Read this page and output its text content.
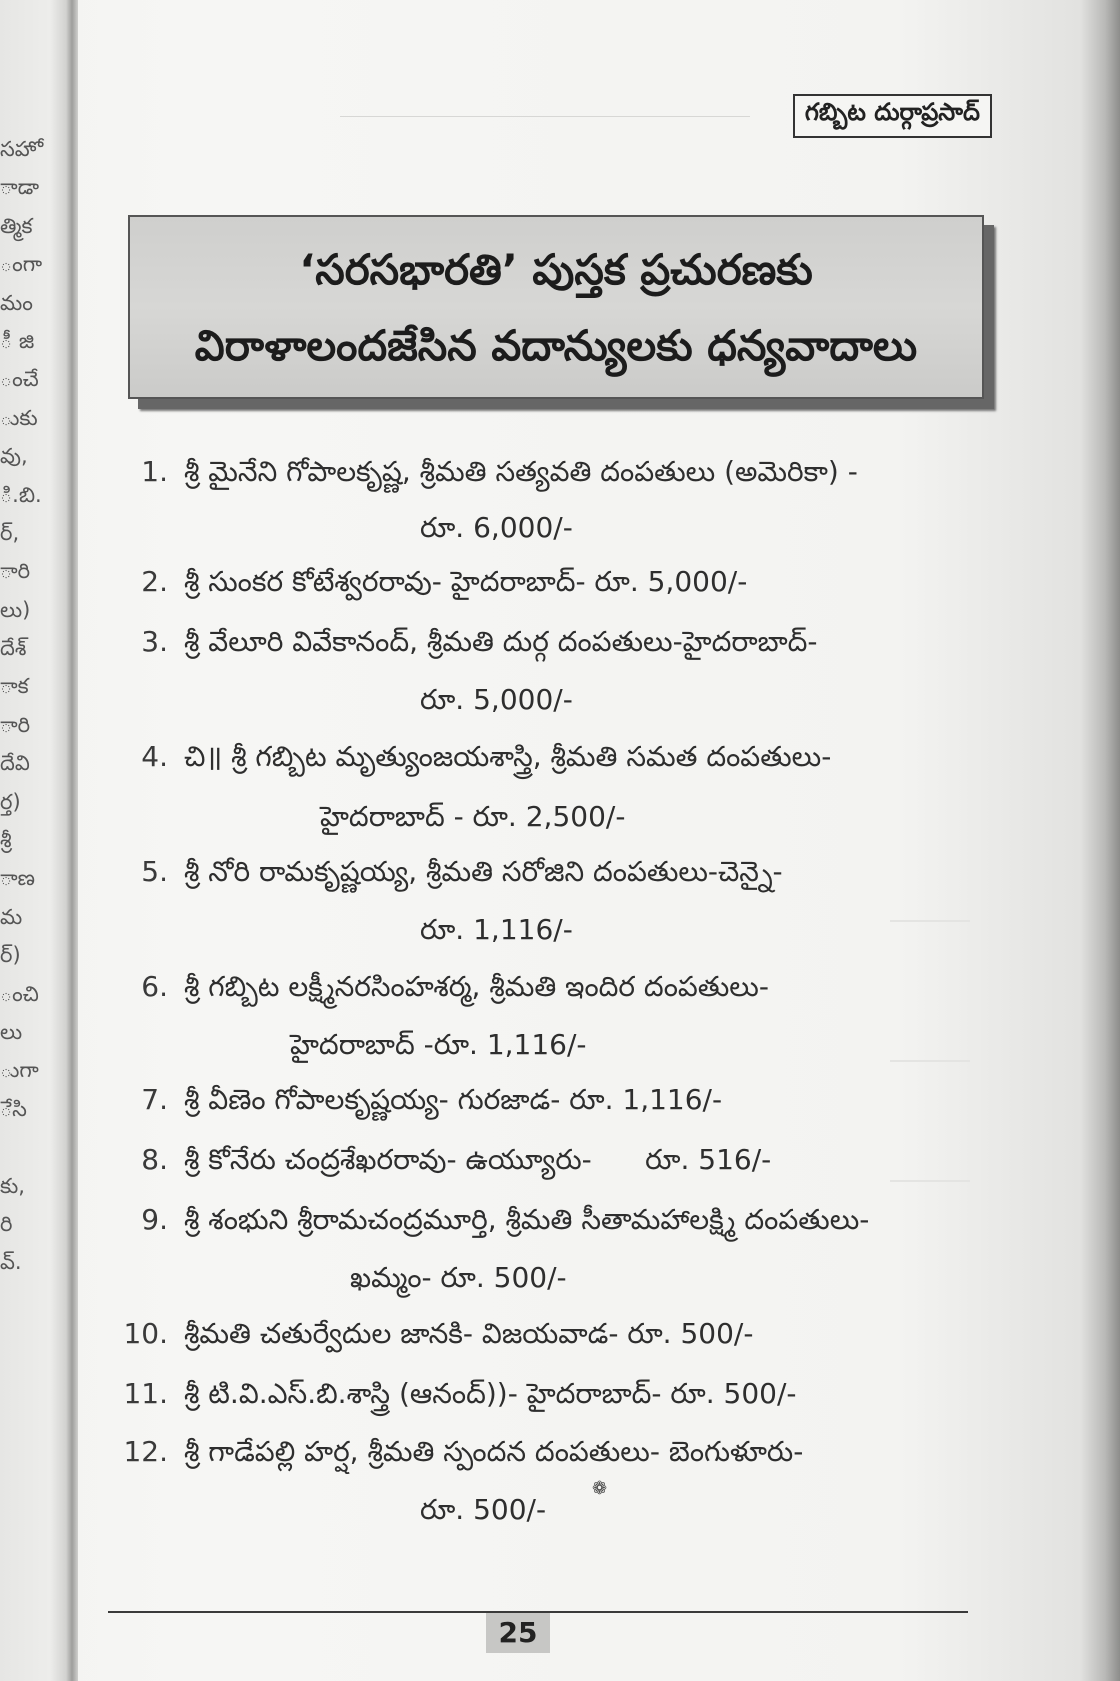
సహో
ాడా
త్మిక
ంగా
మం
ీ జి
ంచే
ుకు
వు,
ి.బి.
ర్,
ారి
లు)
దేశ్
ాక
ారి
దేవి
ర్త)
శ్రీ
ాణ
మ
ర్)
ంచి
లు
ుగా
ేసి
కు,
రి
వ్.
గబ్బిట దుర్గాప్రసాద్
‘సరసభారతి’ పుస్తక ప్రచురణకు
విరాళాలందజేసిన వదాన్యులకు ధన్యవాదాలు
1. శ్రీ మైనేని గోపాలకృష్ణ, శ్రీమతి సత్యవతి దంపతులు (అమెరికా) -
రూ. 6,000/-
2. శ్రీ సుంకర కోటేశ్వరరావు- హైదరాబాద్- రూ. 5,000/-
3. శ్రీ వేలూరి వివేకానంద్, శ్రీమతి దుర్గ దంపతులు-హైదరాబాద్-
రూ. 5,000/-
4. చి॥ శ్రీ గబ్బిట మృత్యుంజయశాస్త్రి, శ్రీమతి సమత దంపతులు-
హైదరాబాద్ - రూ. 2,500/-
5. శ్రీ నోరి రామకృష్ణయ్య, శ్రీమతి సరోజిని దంపతులు-చెన్నై-
రూ. 1,116/-
6. శ్రీ గబ్బిట లక్ష్మీనరసింహశర్మ, శ్రీమతి ఇందిర దంపతులు-
హైదరాబాద్ -రూ. 1,116/-
7. శ్రీ వీణెం గోపాలకృష్ణయ్య- గురజాడ- రూ. 1,116/-
8. శ్రీ కోనేరు చంద్రశేఖరరావు- ఉయ్యూరు-      రూ. 516/-
9. శ్రీ శంభుని శ్రీరామచంద్రమూర్తి, శ్రీమతి సీతామహాలక్ష్మి దంపతులు-
ఖమ్మం- రూ. 500/-
10. శ్రీమతి చతుర్వేదుల జానకి- విజయవాడ- రూ. 500/-
11. శ్రీ టి.వి.ఎస్.బి.శాస్త్రి (ఆనంద్))- హైదరాబాద్- రూ. 500/-
12. శ్రీ గాడేపల్లి హర్ష, శ్రీమతి స్పందన దంపతులు- బెంగుళూరు-
రూ. 500/-
❁
25
